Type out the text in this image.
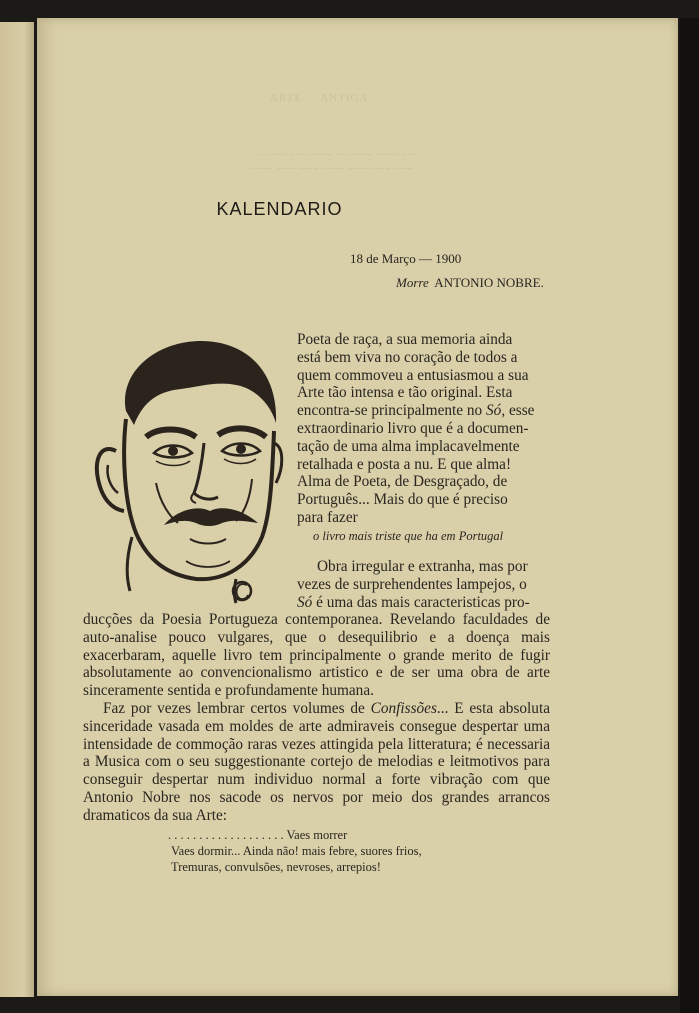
ARTE     ANTIGA
-- --- ---- ---- --- ---- ----- ---
----- ---- ---- ----- ---- ---- ----
KALENDARIO
18 de Março — 1900
Morre ANTONIO NOBRE.

Poeta de raça, a sua memoria ainda

está bem viva no coração de todos a

quem commoveu a entusiasmou a sua

Arte tão intensa e tão original. Esta

encontra-se principalmente no Só, esse

extraordinario livro que é a documen-

tação de uma alma implacavelmente

retalhada e posta a nu. E que alma!

Alma de Poeta, de Desgraçado, de

Português... Mais do que é preciso

para fazer

o livro mais triste que ha em Portugal

Obra irregular e extranha, mas por

vezes de surprehendentes lampejos, o

Só é uma das mais caracteristicas pro-

ducções da Poesia Portugueza contemporanea. Revelando faculdades de auto-analise pouco vulgares, que o desequilibrio e a doença mais exacerbaram, aquelle livro tem principalmente o grande merito de fugir absolutamente ao convencionalismo artistico e de ser uma obra de arte sinceramente sentida e profundamente humana.

Faz por vezes lembrar certos volumes de Confissões... E esta absoluta sinceridade vasada em moldes de arte admiraveis consegue despertar uma intensidade de commoção raras vezes attingida pela litteratura; é necessaria a Musica com o seu suggestionante cortejo de melodias e leitmotivos para conseguir despertar num individuo normal a forte vibração com que Antonio Nobre nos sacode os nervos por meio dos grandes arrancos dramaticos da sua Arte:

. . . . . . . . . . . . . . . . . . . Vaes morrer
Vaes dormir... Ainda não! mais febre, suores frios,
Tremuras, convulsões, nevroses, arrepios!
